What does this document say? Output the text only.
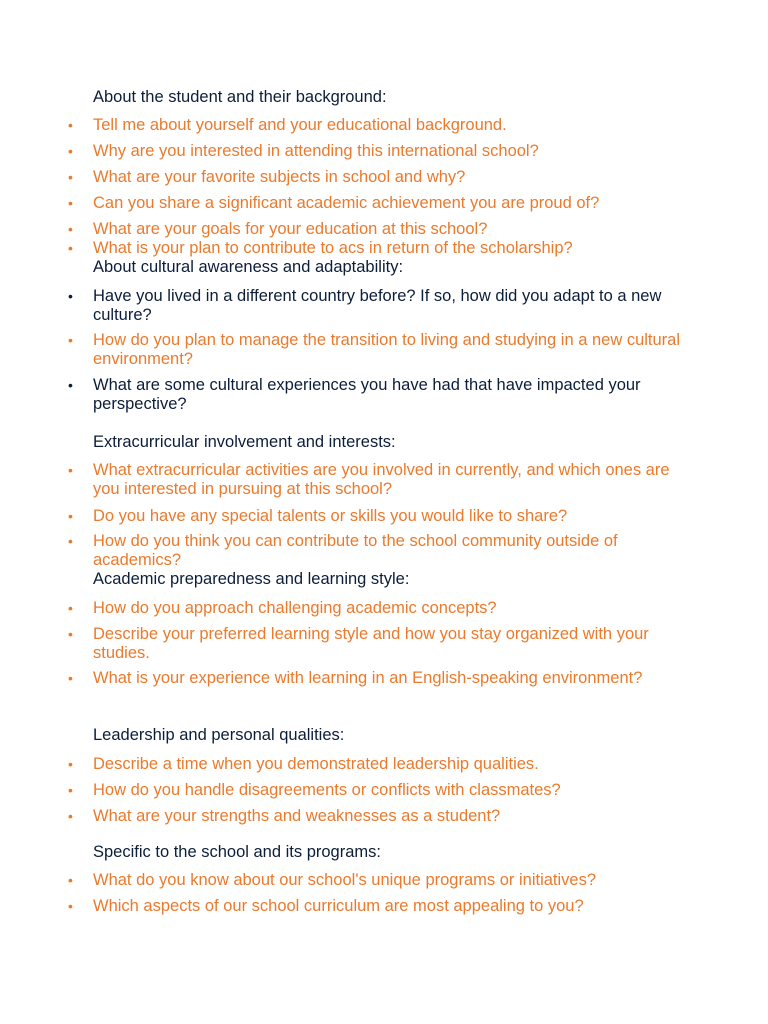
About the student and their background:
•
Tell me about yourself and your educational background.
•
Why are you interested in attending this international school?
•
What are your favorite subjects in school and why?
•
Can you share a significant academic achievement you are proud of?
•
What are your goals for your education at this school?
•
What is your plan to contribute to acs in return of the scholarship?
About cultural awareness and adaptability:
•
Have you lived in a different country before? If so, how did you adapt to a new culture?
•
How do you plan to manage the transition to living and studying in a new cultural environment?
•
What are some cultural experiences you have had that have impacted your perspective?
Extracurricular involvement and interests:
•
What extracurricular activities are you involved in currently, and which ones are you interested in pursuing at this school?
•
Do you have any special talents or skills you would like to share?
•
How do you think you can contribute to the school community outside of academics?
Academic preparedness and learning style:
•
How do you approach challenging academic concepts?
•
Describe your preferred learning style and how you stay organized with your studies.
•
What is your experience with learning in an English-speaking environment?
Leadership and personal qualities:
•
Describe a time when you demonstrated leadership qualities.
•
How do you handle disagreements or conflicts with classmates?
•
What are your strengths and weaknesses as a student?
Specific to the school and its programs:
•
What do you know about our school's unique programs or initiatives?
•
Which aspects of our school curriculum are most appealing to you?
